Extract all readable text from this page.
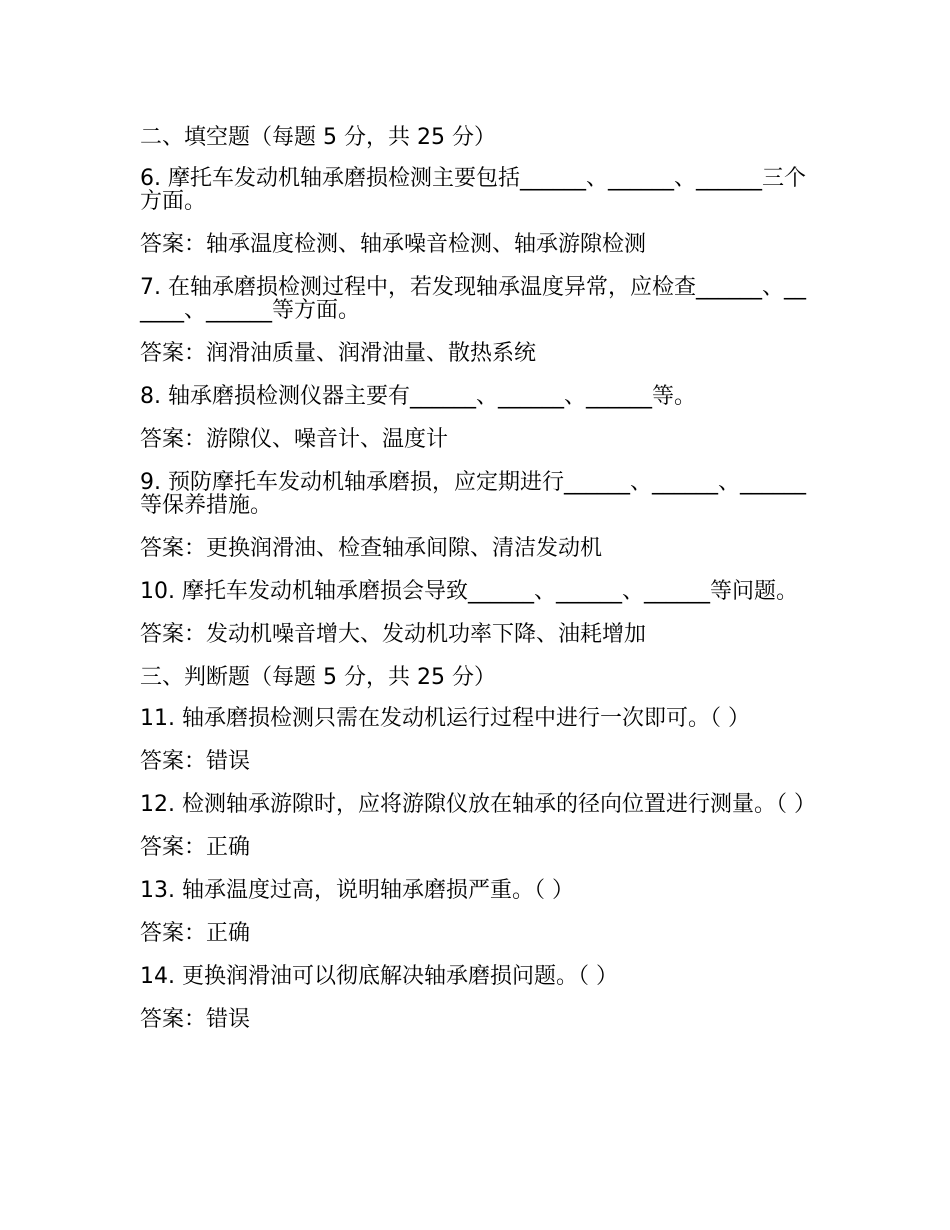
二、填空题（每题 5 分，共 25 分）
6. 摩托车发动机轴承磨损检测主要包括______、______、______三个方面。
答案：轴承温度检测、轴承噪音检测、轴承游隙检测
7. 在轴承磨损检测过程中，若发现轴承温度异常，应检查______、______、______等方面。
答案：润滑油质量、润滑油量、散热系统
8. 轴承磨损检测仪器主要有______、______、______等。
答案：游隙仪、噪音计、温度计
9. 预防摩托车发动机轴承磨损，应定期进行______、______、______等保养措施。
答案：更换润滑油、检查轴承间隙、清洁发动机
10. 摩托车发动机轴承磨损会导致______、______、______等问题。
答案：发动机噪音增大、发动机功率下降、油耗增加
三、判断题（每题 5 分，共 25 分）
11. 轴承磨损检测只需在发动机运行过程中进行一次即可。（ ）
答案：错误
12. 检测轴承游隙时，应将游隙仪放在轴承的径向位置进行测量。（ ）
答案：正确
13. 轴承温度过高，说明轴承磨损严重。（ ）
答案：正确
14. 更换润滑油可以彻底解决轴承磨损问题。（ ）
答案：错误
